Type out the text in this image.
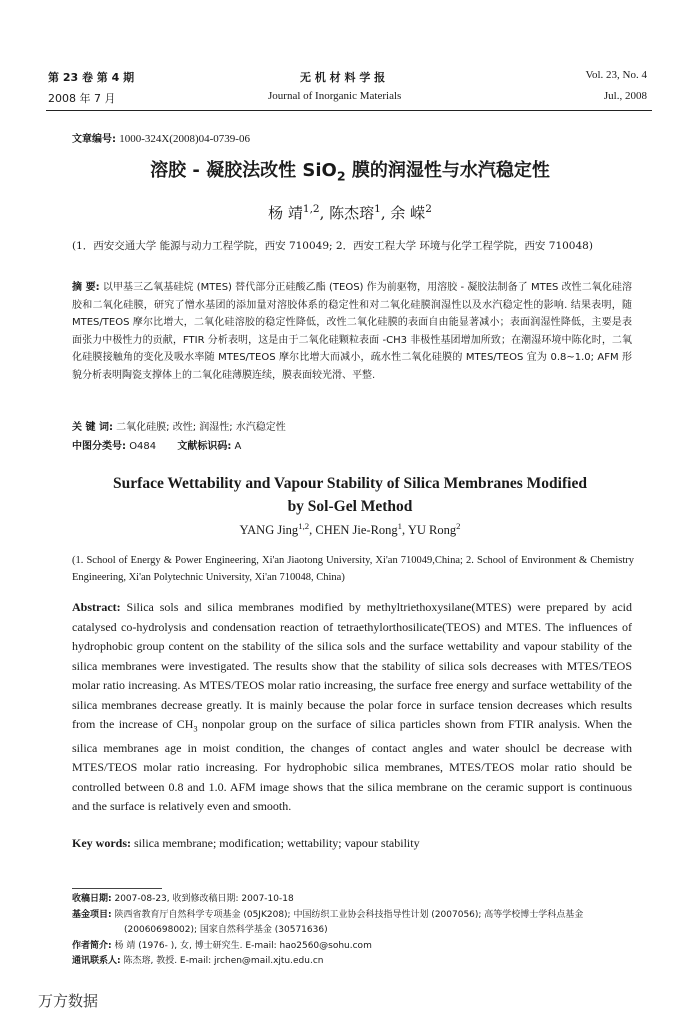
第 23 卷 第 4 期	无 机 材 料 学 报	Vol. 23, No. 4
2008 年 7 月	Journal of Inorganic Materials	Jul., 2008
文章编号: 1000-324X(2008)04-0739-06
溶胶 - 凝胶法改性 SiO$_2$ 膜的润湿性与水汽稳定性
杨 靖$^{1,2}$, 陈杰瑢$^1$, 余 嵘$^2$
(1．西安交通大学 能源与动力工程学院，西安 710049; 2．西安工程大学 环境与化学工程学院，西安 710048)
摘 要: 以甲基三乙氧基硅烷 (MTES) 替代部分正硅酸乙酯 (TEOS) 作为前驱物，用溶胶 - 凝胶法制备了 MTES 改性二氧化硅溶胶和二氧化硅膜，研究了憎水基团的添加量对溶胶体系的稳定性和对二氧化硅膜润湿性以及水汽稳定性的影响. 结果表明，随 MTES/TEOS 摩尔比增大，二氧化硅溶胶的稳定性降低，改性二氧化硅膜的表面自由能显著减小；表面润湿性降低，主要是表面张力中极性力的贡献，FTIR 分析表明，这是由于二氧化硅颗粒表面 -CH3 非极性基团增加所致；在潮湿环境中陈化时，二氧化硅膜接触角的变化及吸水率随 MTES/TEOS 摩尔比增大而减小，疏水性二氧化硅膜的 MTES/TEOS 宜为 0.8~1.0; AFM 形貌分析表明陶瓷支撑体上的二氧化硅薄膜连续，膜表面较光滑、平整.
关 键 词: 二氧化硅膜; 改性; 润湿性; 水汽稳定性
中图分类号: O484 文献标识码: A
Surface Wettability and Vapour Stability of Silica Membranes Modified
by Sol-Gel Method
YANG Jing$^{1,2}$, CHEN Jie-Rong$^1$, YU Rong$^2$
(1. School of Energy & Power Engineering, Xi'an Jiaotong University, Xi'an 710049,China; 2. School of Environment & Chemistry Engineering, Xi'an Polytechnic University, Xi'an 710048, China)
Abstract: Silica sols and silica membranes modified by methyltriethoxysilane(MTES) were prepared by acid catalysed co-hydrolysis and condensation reaction of tetraethylorthosilicate(TEOS) and MTES. The influences of hydrophobic group content on the stability of the silica sols and the surface wettability and vapour stability of the silica membranes were investigated. The results show that the stability of silica sols decreases with MTES/TEOS molar ratio increasing. As MTES/TEOS molar ratio increasing, the surface free energy and surface wettability of the silica membranes decrease greatly. It is mainly because the polar force in surface tension decreases which results from the increase of $CH_3$ nonpolar group on the surface of silica particles shown from FTIR analysis. When the silica membranes age in moist condition, the changes of contact angles and water shoulcl be decrease with MTES/TEOS molar ratio increasing. For hydrophobic silica membranes, MTES/TEOS molar ratio should be controlled between 0.8 and 1.0. AFM image shows that the silica membrane on the ceramic support is continuous and the surface is relatively even and smooth.
Key words: silica membrane; modification; wettability; vapour stability
收稿日期: 2007-08-23, 收到修改稿日期: 2007-10-18
基金项目: 陕西省教育厅自然科学专项基金 (05JK208); 中国纺织工业协会科技指导性计划 (2007056); 高等学校博士学科点基金
(20060698002); 国家自然科学基金 (30571636)
作者简介: 杨 靖 (1976- ), 女, 博士研究生. E-mail: hao2560@sohu.com
通讯联系人: 陈杰瑢, 教授. E-mail: jrchen@mail.xjtu.edu.cn
万方数据
